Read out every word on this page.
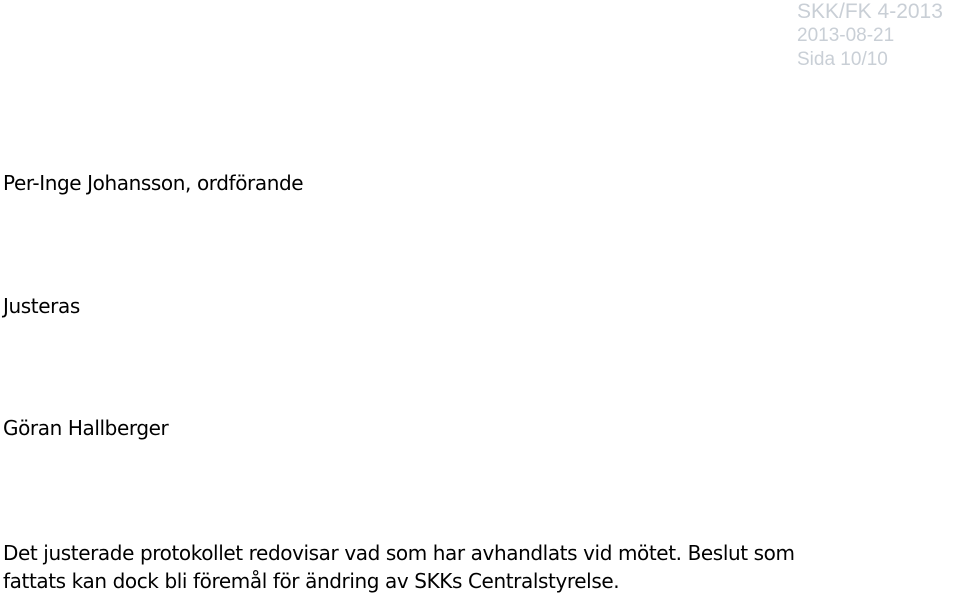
SKK/FK 4-2013
2013-08-21
Sida 10/10
Per-Inge Johansson, ordförande
Justeras
Göran Hallberger

Det justerade protokollet redovisar vad som har avhandlats vid mötet. Beslut som
fattats kan dock bli föremål för ändring av SKKs Centralstyrelse.
